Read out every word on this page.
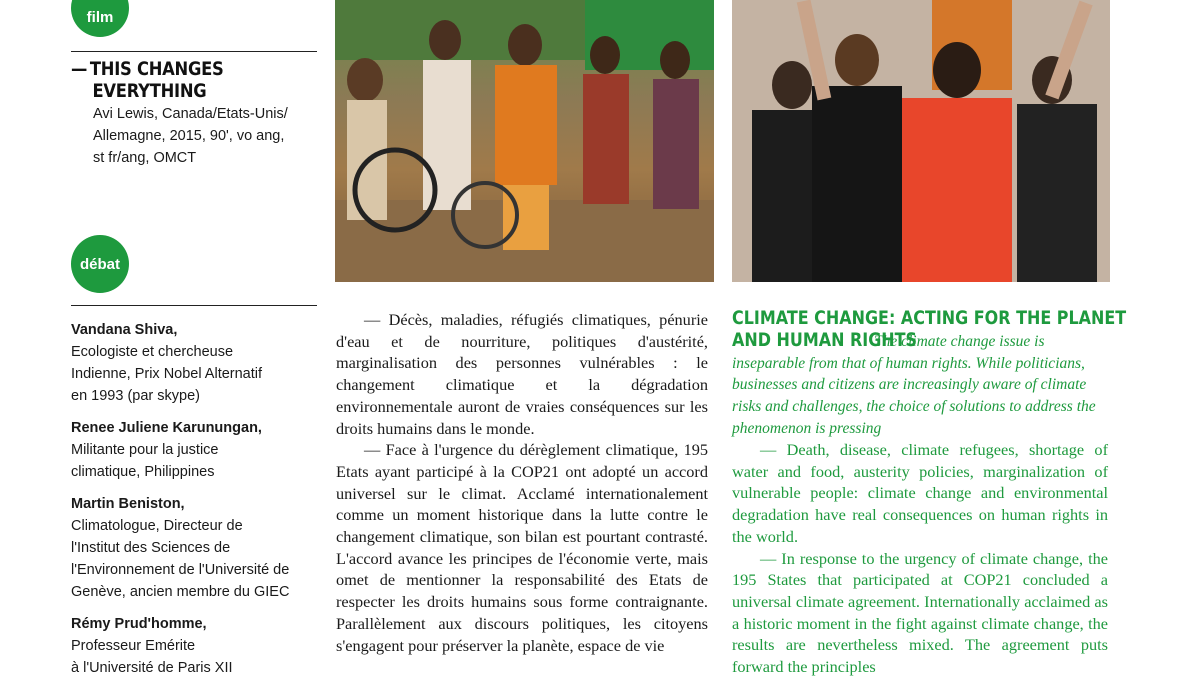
film
— THIS CHANGES
EVERYTHING
Avi Lewis, Canada/Etats-Unis/
Allemagne, 2015, 90', vo ang,
st fr/ang, OMCT
débat
Vandana Shiva,
Ecologiste et chercheuse
Indienne, Prix Nobel Alternatif
en 1993 (par skype)
Renee Juliene Karunungan,
Militante pour la justice
climatique, Philippines
Martin Beniston,
Climatologue, Directeur de
l'Institut des Sciences de
l'Environnement de l'Université de
Genève, ancien membre du GIEC
Rémy Prud'homme,
Professeur Emérite
à l'Université de Paris XII

— Décès, maladies, réfugiés climatiques, pénurie d'eau et de nourriture, politiques d'austérité, marginalisation des personnes vulnérables : le changement climatique et la dégradation environnementale auront de vraies conséquences sur les droits humains dans le monde.

— Face à l'urgence du dérèglement climatique, 195 Etats ayant participé à la COP21 ont adopté un accord universel sur le climat. Acclamé internationalement comme un moment historique dans la lutte contre le changement climatique, son bilan est pourtant contrasté. L'accord avance les principes de l'économie verte, mais omet de mentionner la responsabilité des Etats de respecter les droits humains sous forme contraignante. Parallèlement aux discours politiques, les citoyens s'engagent pour préserver la planète, espace de vie

CLIMATE CHANGE: ACTING FOR THE PLANET
AND HUMAN RIGHTS
The climate change issue is inseparable from that of human rights. While politicians, businesses and citizens are increasingly aware of climate risks and challenges, the choice of solutions to address the phenomenon is pressing

— Death, disease, climate refugees, shortage of water and food, austerity policies, marginalization of vulnerable people: climate change and environmental degradation have real consequences on human rights in the world.

— In response to the urgency of climate change, the 195 States that participated at COP21 concluded a universal climate agreement. Internationally acclaimed as a historic moment in the fight against climate change, the results are nevertheless mixed. The agreement puts forward the principles
